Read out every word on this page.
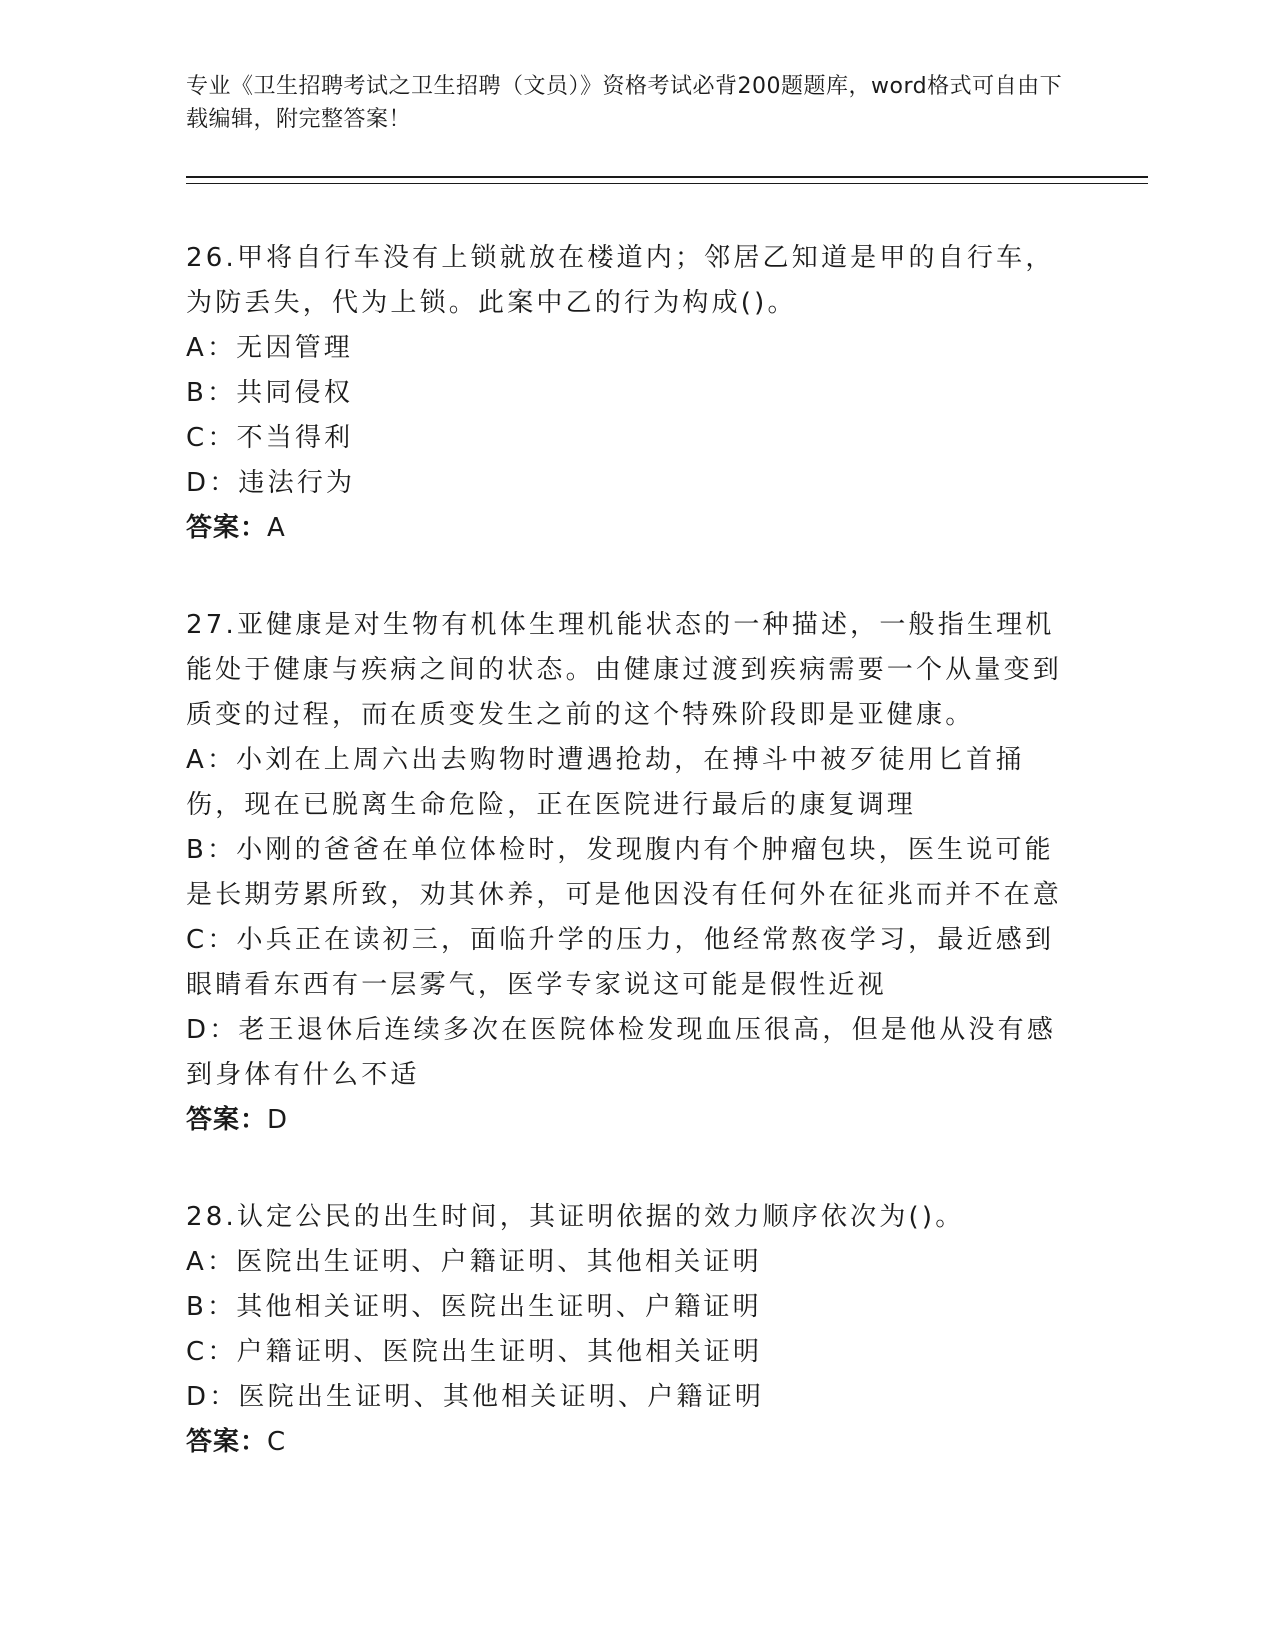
专业《卫生招聘考试之卫生招聘（文员）》资格考试必背200题题库，word格式可自由下载编辑，附完整答案！

26.甲将自行车没有上锁就放在楼道内；邻居乙知道是甲的自行车，为防丢失，代为上锁。此案中乙的行为构成()。

A：无因管理

B：共同侵权

C：不当得利

D：违法行为

答案：A

27.亚健康是对生物有机体生理机能状态的一种描述，一般指生理机能处于健康与疾病之间的状态。由健康过渡到疾病需要一个从量变到质变的过程，而在质变发生之前的这个特殊阶段即是亚健康。

A：小刘在上周六出去购物时遭遇抢劫，在搏斗中被歹徒用匕首捅伤，现在已脱离生命危险，正在医院进行最后的康复调理

B：小刚的爸爸在单位体检时，发现腹内有个肿瘤包块，医生说可能是长期劳累所致，劝其休养，可是他因没有任何外在征兆而并不在意

C：小兵正在读初三，面临升学的压力，他经常熬夜学习，最近感到眼睛看东西有一层雾气，医学专家说这可能是假性近视

D：老王退休后连续多次在医院体检发现血压很高，但是他从没有感到身体有什么不适

答案：D

28.认定公民的出生时间，其证明依据的效力顺序依次为()。

A：医院出生证明、户籍证明、其他相关证明

B：其他相关证明、医院出生证明、户籍证明

C：户籍证明、医院出生证明、其他相关证明

D：医院出生证明、其他相关证明、户籍证明

答案：C
